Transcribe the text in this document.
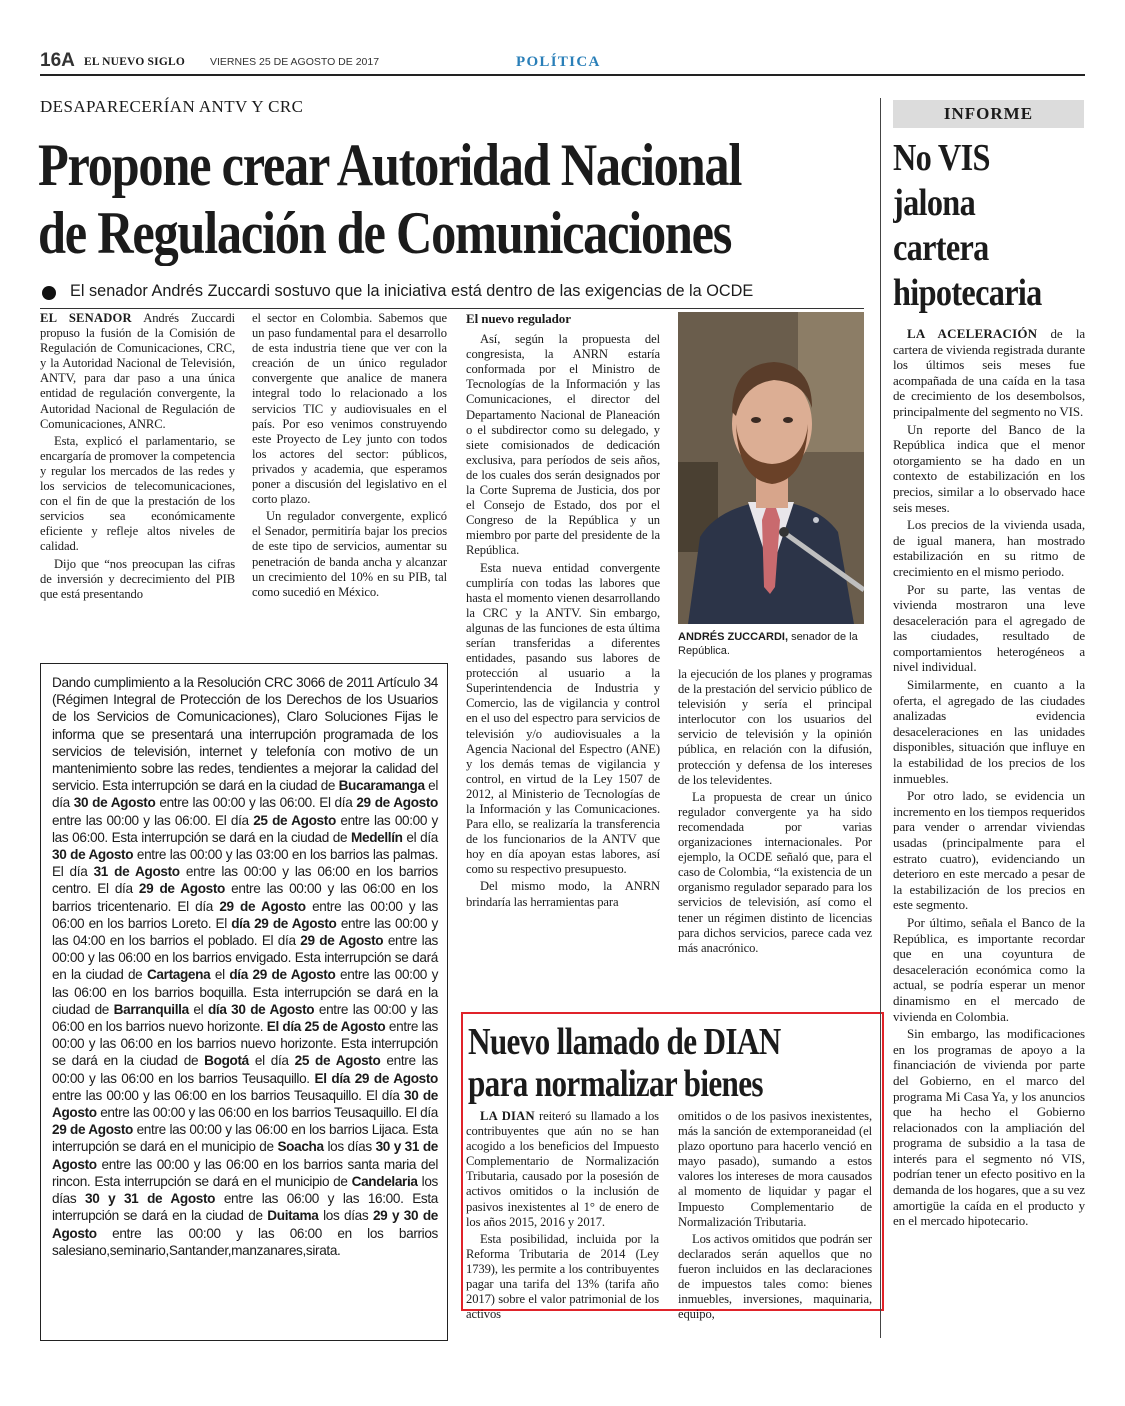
16A EL NUEVO SIGLO VIERNES 25 DE AGOSTO DE 2017	POLÍTICA
DESAPARECERÍAN ANTV Y CRC
Propone crear Autoridad Nacional
de Regulación de Comunicaciones
El senador Andrés Zuccardi sostuvo que la iniciativa está dentro de las exigencias de la OCDE

EL SENADOR Andrés Zuccardi propuso la fusión de la Comisión de Regulación de Comunicaciones, CRC, y la Autoridad Nacional de Televisión, ANTV, para dar paso a una única entidad de regulación convergente, la Autoridad Nacional de Regulación de Comunicaciones, ANRC.

Esta, explicó el parlamentario, se encargaría de promover la competencia y regular los mercados de las redes y los servicios de telecomunicaciones, con el fin de que la prestación de los servicios sea económicamente eficiente y refleje altos niveles de calidad.

Dijo que “nos preocupan las cifras de inversión y decrecimiento del PIB que está presentando

el sector en Colombia. Sabemos que un paso fundamental para el desarrollo de esta industria tiene que ver con la creación de un único regulador convergente que analice de manera integral todo lo relacionado a los servicios TIC y audiovisuales en el país. Por eso venimos construyendo este Proyecto de Ley junto con todos los actores del sector: públicos, privados y academia, que esperamos poner a discusión del legislativo en el corto plazo.

Un regulador convergente, explicó el Senador, permitiría bajar los precios de este tipo de servicios, aumentar su penetración de banda ancha y alcanzar un crecimiento del 10% en su PIB, tal como sucedió en México.

El nuevo regulador

Así, según la propuesta del congresista, la ANRN estaría conformada por el Ministro de Tecnologías de la Información y las Comunicaciones, el director del Departamento Nacional de Planeación o el subdirector como su delegado, y siete comisionados de dedicación exclusiva, para períodos de seis años, de los cuales dos serán designados por la Corte Suprema de Justicia, dos por el Consejo de Estado, dos por el Congreso de la República y un miembro por parte del presidente de la República.

Esta nueva entidad convergente cumpliría con todas las labores que hasta el momento vienen desarrollando la CRC y la ANTV. Sin embargo, algunas de las funciones de esta última serían transferidas a diferentes entidades, pasando sus labores de protección al usuario a la Superintendencia de Industria y Comercio, las de vigilancia y control en el uso del espectro para servicios de televisión y/o audiovisuales a la Agencia Nacional del Espectro (ANE) y los demás temas de vigilancia y control, en virtud de la Ley 1507 de 2012, al Ministerio de Tecnologías de la Información y las Comunicaciones. Para ello, se realizaría la transferencia de los funcionarios de la ANTV que hoy en día apoyan estas labores, así como su respectivo presupuesto.

Del mismo modo, la ANRN brindaría las herramientas para

ANDRÉS ZUCCARDI, senador de la República.

la ejecución de los planes y programas de la prestación del servicio público de televisión y sería el principal interlocutor con los usuarios del servicio de televisión y la opinión pública, en relación con la difusión, protección y defensa de los intereses de los televidentes.

La propuesta de crear un único regulador convergente ya ha sido recomendada por varias organizaciones internacionales. Por ejemplo, la OCDE señaló que, para el caso de Colombia, “la existencia de un organismo regulador separado para los servicios de televisión, así como el tener un régimen distinto de licencias para dichos servicios, parece cada vez más anacrónico.

Dando cumplimiento a la Resolución CRC 3066 de 2011 Artículo 34 (Régimen Integral de Protección de los Derechos de los Usuarios de los Servicios de Comunicaciones), Claro Soluciones Fijas le informa que se presentará una interrupción programada de los servicios de televisión, internet y telefonía con motivo de un mantenimiento sobre las redes, tendientes a mejorar la calidad del servicio. Esta interrupción se dará en la ciudad de Bucaramanga el día 30 de Agosto entre las 00:00 y las 06:00. El día 29 de Agosto entre las 00:00 y las 06:00. El día 25 de Agosto entre las 00:00 y las 06:00. Esta interrupción se dará en la ciudad de Medellín el día 30 de Agosto entre las 00:00 y las 03:00 en los barrios las palmas. El día 31 de Agosto entre las 00:00 y las 06:00 en los barrios centro. El día 29 de Agosto entre las 00:00 y las 06:00 en los barrios tricentenario. El día 29 de Agosto entre las 00:00 y las 06:00 en los barrios Loreto. El día 29 de Agosto entre las 00:00 y las 04:00 en los barrios el poblado. El día 29 de Agosto entre las 00:00 y las 06:00 en los barrios envigado. Esta interrupción se dará en la ciudad de Cartagena el día 29 de Agosto entre las 00:00 y las 06:00 en los barrios boquilla. Esta interrupción se dará en la ciudad de Barranquilla el día 30 de Agosto entre las 00:00 y las 06:00 en los barrios nuevo horizonte. El día 25 de Agosto entre las 00:00 y las 06:00 en los barrios nuevo horizonte. Esta interrupción se dará en la ciudad de Bogotá el día 25 de Agosto entre las 00:00 y las 06:00 en los barrios Teusaquillo. El día 29 de Agosto entre las 00:00 y las 06:00 en los barrios Teusaquillo. El día 30 de Agosto entre las 00:00 y las 06:00 en los barrios Teusaquillo. El día 29 de Agosto entre las 00:00 y las 06:00 en los barrios Lijaca. Esta interrupción se dará en el municipio de Soacha los días 30 y 31 de Agosto entre las 00:00 y las 06:00 en los barrios santa maria del rincon. Esta interrupción se dará en el municipio de Candelaria los días 30 y 31 de Agosto entre las 06:00 y las 16:00. Esta interrupción se dará en la ciudad de Duitama los días 29 y 30 de Agosto entre las 00:00 y las 06:00 en los barrios salesiano,seminario,Santander,manzanares,sirata.
Nuevo llamado de DIAN
para normalizar bienes

LA DIAN reiteró su llamado a los contribuyentes que aún no se han acogido a los beneficios del Impuesto Complementario de Normalización Tributaria, causado por la posesión de activos omitidos o la inclusión de pasivos inexistentes al 1° de enero de los años 2015, 2016 y 2017.

Esta posibilidad, incluida por la Reforma Tributaria de 2014 (Ley 1739), les permite a los contribuyentes pagar una tarifa del 13% (tarifa año 2017) sobre el valor patrimonial de los activos

omitidos o de los pasivos inexistentes, más la sanción de extemporaneidad (el plazo oportuno para hacerlo venció en mayo pasado), sumando a estos valores los intereses de mora causados al momento de liquidar y pagar el Impuesto Complementario de Normalización Tributaria.

Los activos omitidos que podrán ser declarados serán aquellos que no fueron incluidos en las declaraciones de impuestos tales como: bienes inmuebles, inversiones, maquinaria, equipo,

INFORME
No VIS
jalona
cartera
hipotecaria

LA ACELERACIÓN de la cartera de vivienda registrada durante los últimos seis meses fue acompañada de una caída en la tasa de crecimiento de los desembolsos, principalmente del segmento no VIS.

Un reporte del Banco de la República indica que el menor otorgamiento se ha dado en un contexto de estabilización en los precios, similar a lo observado hace seis meses.

Los precios de la vivienda usada, de igual manera, han mostrado estabilización en su ritmo de crecimiento en el mismo periodo.

Por su parte, las ventas de vivienda mostraron una leve desaceleración para el agregado de las ciudades, resultado de comportamientos heterogéneos a nivel individual.

Similarmente, en cuanto a la oferta, el agregado de las ciudades analizadas evidencia desaceleraciones en las unidades disponibles, situación que influye en la estabilidad de los precios de los inmuebles.

Por otro lado, se evidencia un incremento en los tiempos requeridos para vender o arrendar viviendas usadas (principalmente para el estrato cuatro), evidenciando un deterioro en este mercado a pesar de la estabilización de los precios en este segmento.

Por último, señala el Banco de la República, es importante recordar que en una coyuntura de desaceleración económica como la actual, se podría esperar un menor dinamismo en el mercado de vivienda en Colombia.

Sin embargo, las modificaciones en los programas de apoyo a la financiación de vivienda por parte del Gobierno, en el marco del programa Mi Casa Ya, y los anuncios que ha hecho el Gobierno relacionados con la ampliación del programa de subsidio a la tasa de interés para el segmento nó VIS, podrían tener un efecto positivo en la demanda de los hogares, que a su vez amortigüe la caída en el producto y en el mercado hipotecario.
